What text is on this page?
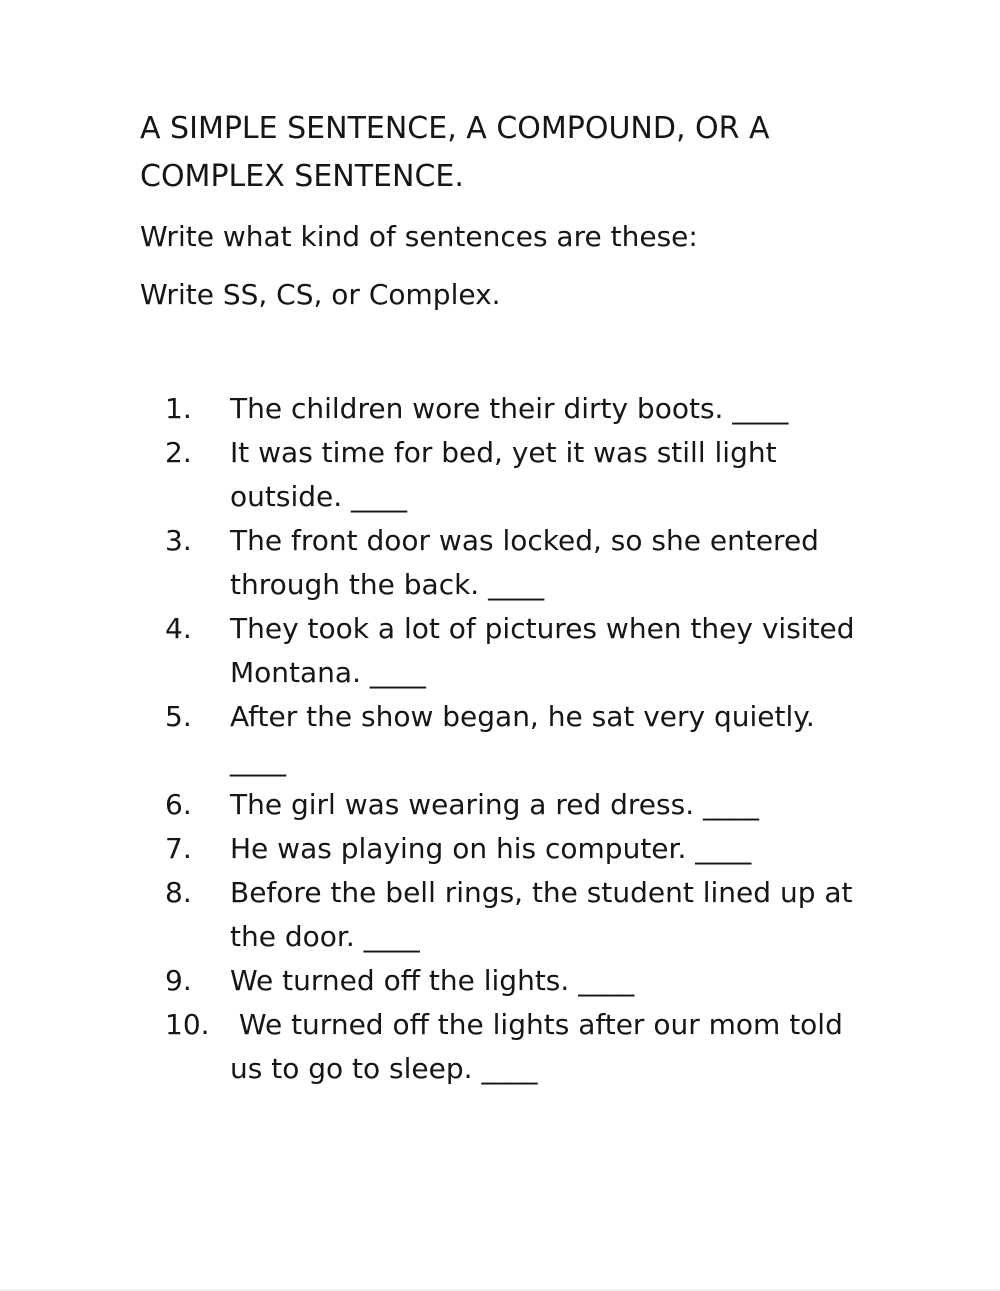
A SIMPLE SENTENCE, A COMPOUND, OR A COMPLEX SENTENCE.

Write what kind of sentences are these:

Write SS, CS, or Complex.

1.	The children wore their dirty boots. ____
2.	It was time for bed, yet it was still light outside. ____
3.	The front door was locked, so she entered through the back. ____
4.	They took a lot of pictures when they visited Montana. ____
5.	After the show began, he sat very quietly. ____
6.	The girl was wearing a red dress. ____
7.	He was playing on his computer. ____
8.	Before the bell rings, the student lined up at the door. ____
9.	We turned off the lights. ____
10. We turned off the lights after our mom told us to go to sleep. ____
